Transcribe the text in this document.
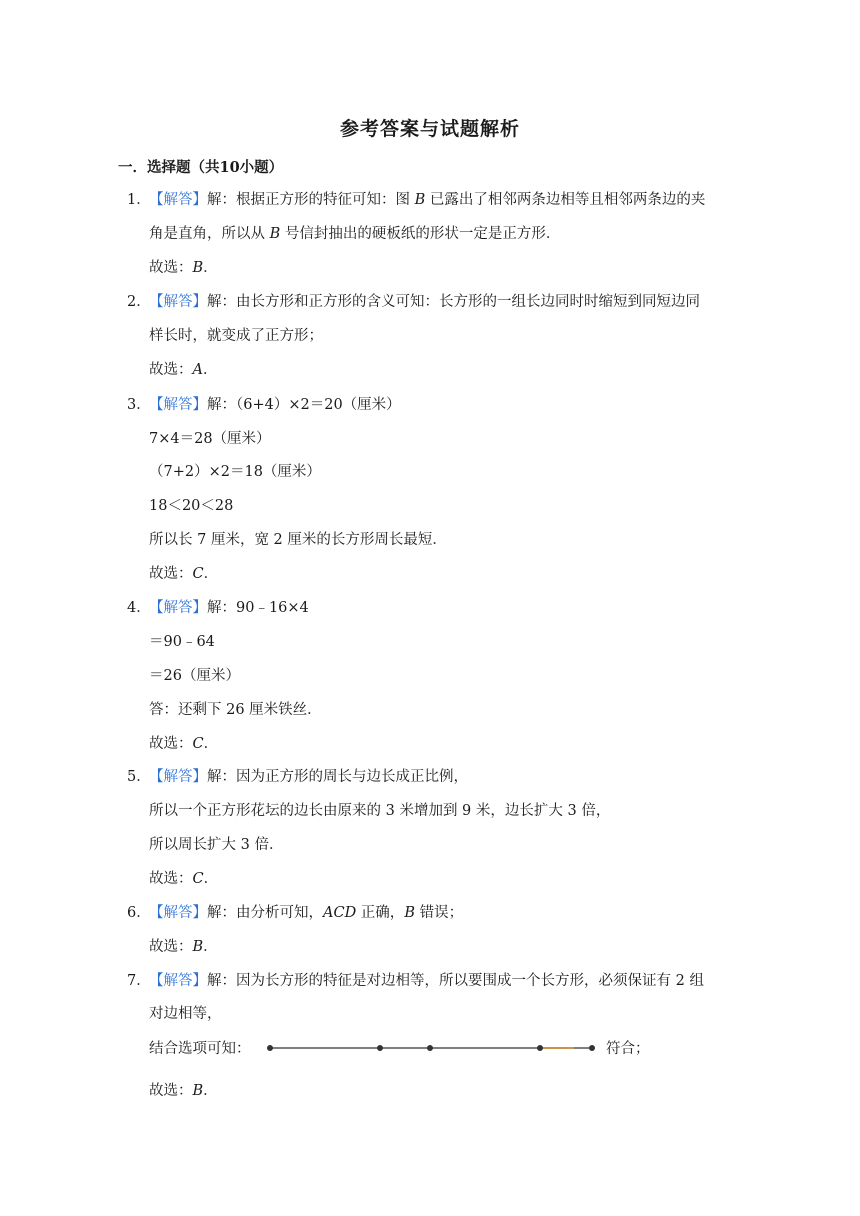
参考答案与试题解析
一．选择题（共10小题）
1．
【解答】解：根据正方形的特征可知：图 B 已露出了相邻两条边相等且相邻两条边的夹
角是直角，所以从 B 号信封抽出的硬板纸的形状一定是正方形．
故选：B．
2．
【解答】解：由长方形和正方形的含义可知：长方形的一组长边同时时缩短到同短边同
样长时，就变成了正方形；
故选：A．
3．
【解答】解：（6+4）×2＝20（厘米）
7×4＝28（厘米）
（7+2）×2＝18（厘米）
18＜20＜28
所以长 7 厘米，宽 2 厘米的长方形周长最短．
故选：C．
4．
【解答】解：90﹣16×4
＝90﹣64
＝26（厘米）
答：还剩下 26 厘米铁丝．
故选：C．
5．
【解答】解：因为正方形的周长与边长成正比例，
所以一个正方形花坛的边长由原来的 3 米增加到 9 米，边长扩大 3 倍，
所以周长扩大 3 倍．
故选：C．
6．
【解答】解：由分析可知，ACD 正确，B 错误；
故选：B．
7．
【解答】解：因为长方形的特征是对边相等，所以要围成一个长方形，必须保证有 2 组
对边相等，
结合选项可知：	符合；
故选：B．
